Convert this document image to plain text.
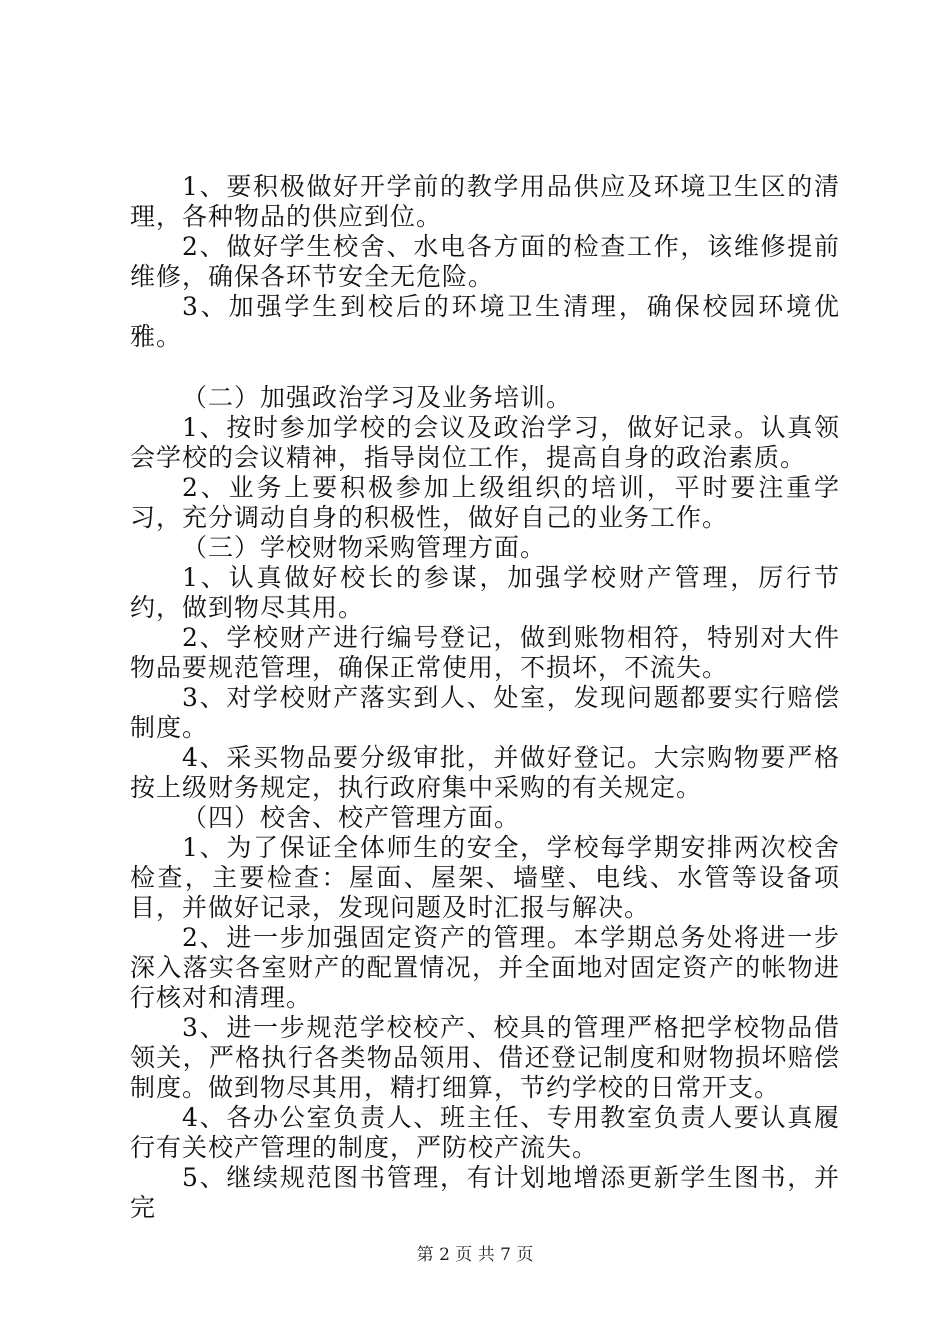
1、要积极做好开学前的教学用品供应及环境卫生区的清理，各种物品的供应到位。

2、做好学生校舍、水电各方面的检查工作，该维修提前维修，确保各环节安全无危险。

3、加强学生到校后的环境卫生清理，确保校园环境优雅。

（二）加强政治学习及业务培训。

1、按时参加学校的会议及政治学习，做好记录。认真领会学校的会议精神，指导岗位工作，提高自身的政治素质。

2、业务上要积极参加上级组织的培训，平时要注重学习，充分调动自身的积极性，做好自己的业务工作。

（三）学校财物采购管理方面。

1、认真做好校长的参谋，加强学校财产管理，厉行节约，做到物尽其用。

2、学校财产进行编号登记，做到账物相符，特别对大件物品要规范管理，确保正常使用，不损坏，不流失。

3、对学校财产落实到人、处室，发现问题都要实行赔偿制度。

4、采买物品要分级审批，并做好登记。大宗购物要严格按上级财务规定，执行政府集中采购的有关规定。

（四）校舍、校产管理方面。

1、为了保证全体师生的安全，学校每学期安排两次校舍检查，主要检查：屋面、屋架、墙壁、电线、水管等设备项目，并做好记录，发现问题及时汇报与解决。

2、进一步加强固定资产的管理。本学期总务处将进一步深入落实各室财产的配置情况，并全面地对固定资产的帐物进行核对和清理。

3、进一步规范学校校产、校具的管理严格把学校物品借领关，严格执行各类物品领用、借还登记制度和财物损坏赔偿制度。做到物尽其用，精打细算，节约学校的日常开支。

4、各办公室负责人、班主任、专用教室负责人要认真履行有关校产管理的制度，严防校产流失。

5、继续规范图书管理，有计划地增添更新学生图书，并完

第 2 页 共 7 页
